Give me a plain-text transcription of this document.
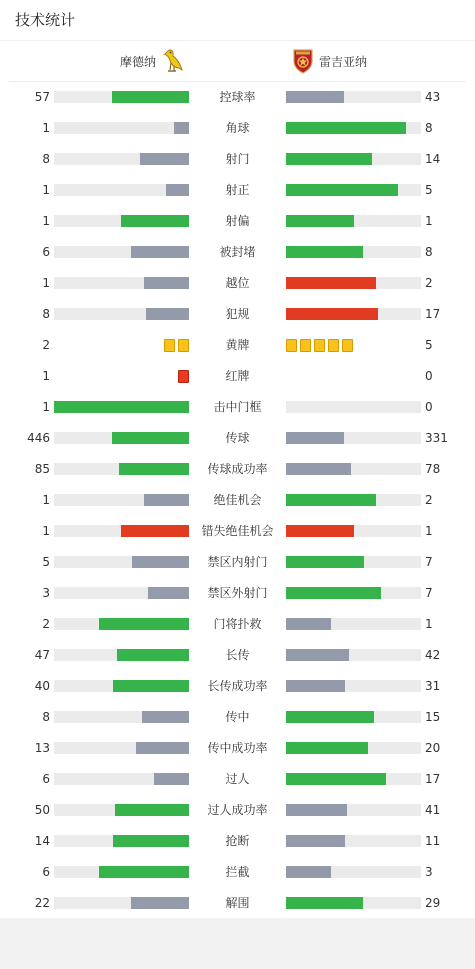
技术统计
摩德纳	雷吉亚纳
57	控球率	43
1	角球	8
8	射门	14
1	射正	5
1	射偏	1
6	被封堵	8
1	越位	2
8	犯规	17
2	黄牌	5
1	红牌	0
1	击中门框	0
446	传球	331
85	传球成功率	78
1	绝佳机会	2
1	错失绝佳机会	1
5	禁区内射门	7
3	禁区外射门	7
2	门将扑救	1
47	长传	42
40	长传成功率	31
8	传中	15
13	传中成功率	20
6	过人	17
50	过人成功率	41
14	抢断	11
6	拦截	3
22	解围	29
